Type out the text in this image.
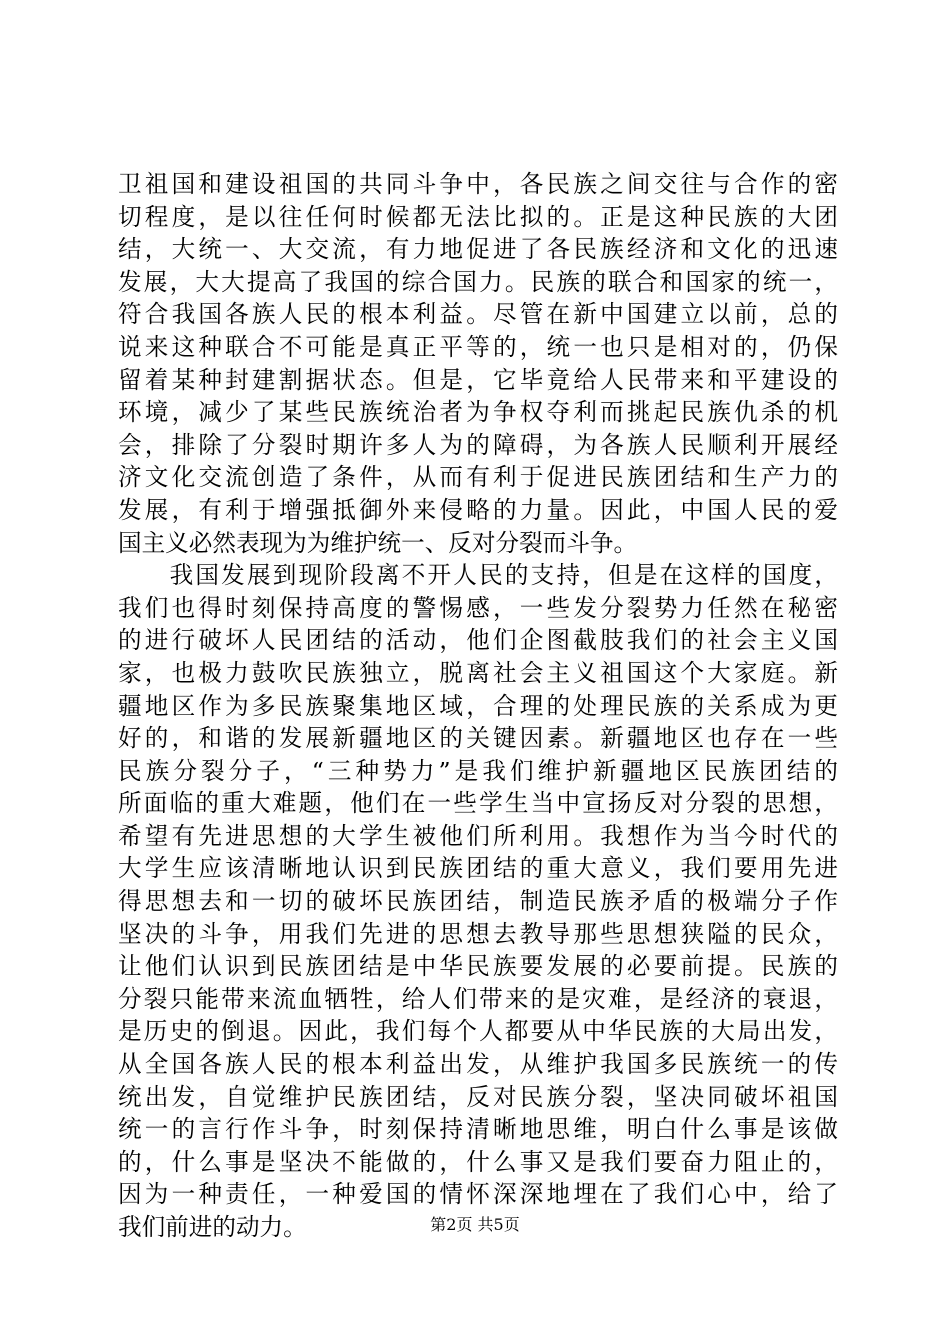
卫祖国和建设祖国的共同斗争中，各民族之间交往与合作的密
切程度，是以往任何时候都无法比拟的。正是这种民族的大团
结，大统一、大交流，有力地促进了各民族经济和文化的迅速
发展，大大提高了我国的综合国力。民族的联合和国家的统一，
符合我国各族人民的根本利益。尽管在新中国建立以前，总的
说来这种联合不可能是真正平等的，统一也只是相对的，仍保
留着某种封建割据状态。但是，它毕竟给人民带来和平建设的
环境，减少了某些民族统治者为争权夺利而挑起民族仇杀的机
会，排除了分裂时期许多人为的障碍，为各族人民顺利开展经
济文化交流创造了条件，从而有利于促进民族团结和生产力的
发展，有利于增强抵御外来侵略的力量。因此，中国人民的爱
国主义必然表现为为维护统一、反对分裂而斗争。
　　我国发展到现阶段离不开人民的支持，但是在这样的国度，
我们也得时刻保持高度的警惕感，一些发分裂势力任然在秘密
的进行破坏人民团结的活动，他们企图截肢我们的社会主义国
家，也极力鼓吹民族独立，脱离社会主义祖国这个大家庭。新
疆地区作为多民族聚集地区域，合理的处理民族的关系成为更
好的，和谐的发展新疆地区的关键因素。新疆地区也存在一些
民族分裂分子，“三种势力”是我们维护新疆地区民族团结的
所面临的重大难题，他们在一些学生当中宣扬反对分裂的思想，
希望有先进思想的大学生被他们所利用。我想作为当今时代的
大学生应该清晰地认识到民族团结的重大意义，我们要用先进
得思想去和一切的破坏民族团结，制造民族矛盾的极端分子作
坚决的斗争，用我们先进的思想去教导那些思想狭隘的民众，
让他们认识到民族团结是中华民族要发展的必要前提。民族的
分裂只能带来流血牺牲，给人们带来的是灾难，是经济的衰退，
是历史的倒退。因此，我们每个人都要从中华民族的大局出发，
从全国各族人民的根本利益出发，从维护我国多民族统一的传
统出发，自觉维护民族团结，反对民族分裂，坚决同破坏祖国
统一的言行作斗争，时刻保持清晰地思维，明白什么事是该做
的，什么事是坚决不能做的，什么事又是我们要奋力阻止的，
因为一种责任，一种爱国的情怀深深地埋在了我们心中，给了
我们前进的动力。	第2页 共5页
